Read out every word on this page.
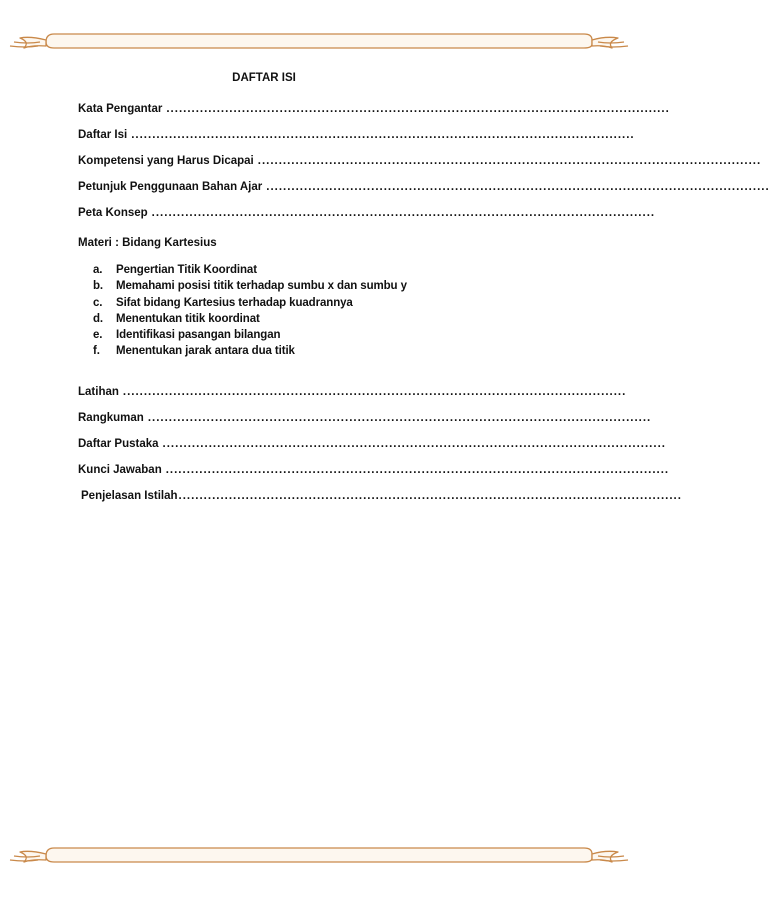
DAFTAR ISI
Kata Pengantar ........................................................................................................................
Daftar Isi ........................................................................................................................
Kompetensi yang Harus Dicapai ........................................................................................................................
Petunjuk Penggunaan Bahan Ajar ........................................................................................................................
Peta Konsep ........................................................................................................................
Materi : Bidang Kartesius
a.	Pengertian Titik Koordinat
b.	Memahami posisi titik terhadap sumbu x dan sumbu y
c.	Sifat bidang Kartesius terhadap kuadrannya
d.	Menentukan titik koordinat
e.	Identifikasi pasangan bilangan
f.	Menentukan jarak antara dua titik
Latihan ........................................................................................................................
Rangkuman ........................................................................................................................
Daftar Pustaka ........................................................................................................................
Kunci Jawaban ........................................................................................................................
Penjelasan Istilah ........................................................................................................................
